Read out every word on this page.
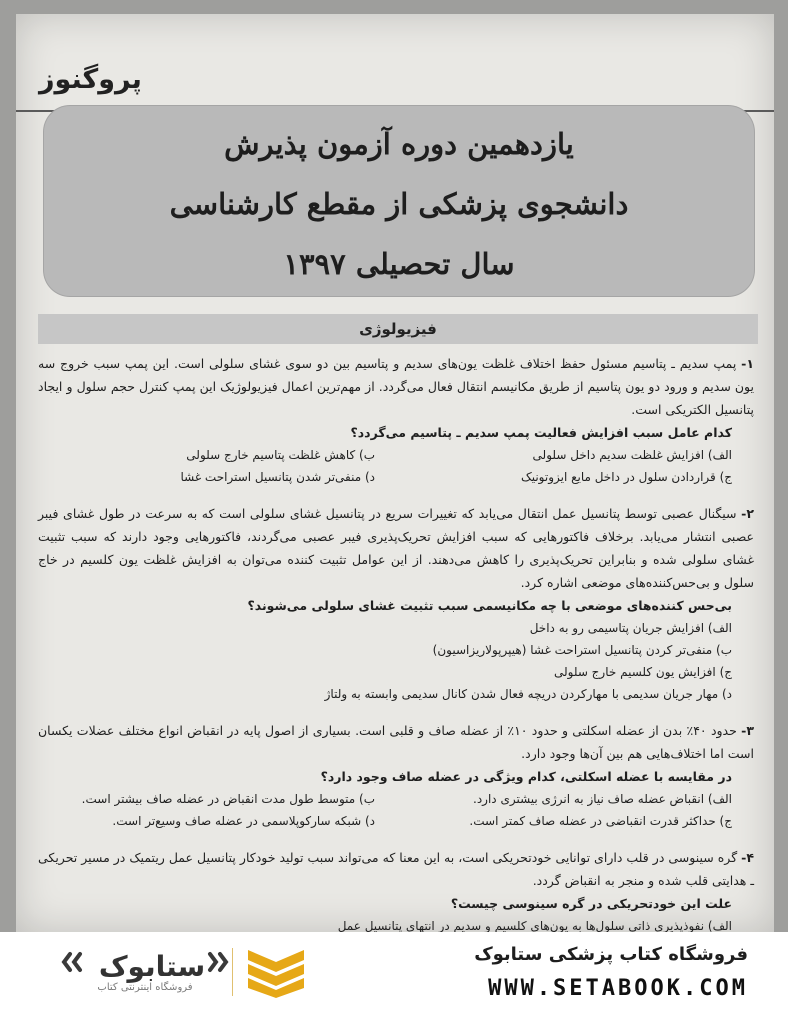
پروگنوز
یازدهمین دوره آزمون پذیرش
دانشجوی پزشکی از مقطع کارشناسی
سال تحصیلی ۱۳۹۷
فیزیولوژی

۱- پمپ سدیم ـ پتاسیم مسئول حفظ اختلاف غلظت یون‌های سدیم و پتاسیم بین دو سوی غشای سلولی است. این پمپ سبب خروج سه یون سدیم و ورود دو یون پتاسیم از طریق مکانیسم انتقال فعال می‌گردد. از مهم‌ترین اعمال فیزیولوژیک این پمپ کنترل حجم سلول و ایجاد پتانسیل الکتریکی است.

کدام عامل سبب افزایش فعالیت پمپ سدیم ـ پتاسیم می‌گردد؟

الف) افزایش غلظت سدیم داخل سلولی
ب) کاهش غلظت پتاسیم خارج سلولی
ج) قراردادن سلول در داخل مایع ایزوتونیک
د) منفی‌تر شدن پتانسیل استراحت غشا

۲- سیگنال عصبی توسط پتانسیل عمل انتقال می‌یابد که تغییرات سریع در پتانسیل غشای سلولی است که به سرعت در طول غشای فیبر عصبی انتشار می‌یابد. برخلاف فاکتورهایی که سبب افزایش تحریک‌پذیری فیبر عصبی می‌گردند، فاکتورهایی وجود دارند که سبب تثبیت غشای سلولی شده و بنابراین تحریک‌پذیری را کاهش می‌دهند. از این عوامل تثبیت کننده می‌توان به افزایش غلظت یون کلسیم در خاج سلول و بی‌حس‌کننده‌های موضعی اشاره کرد.

بی‌حس کننده‌های موضعی با چه مکانیسمی سبب تثبیت غشای سلولی می‌شوند؟

الف) افزایش جریان پتاسیمی رو به داخل
ب) منفی‌تر کردن پتانسیل استراحت غشا (هیپرپولاریزاسیون)
ج) افزایش یون کلسیم خارج سلولی
د) مهار جریان سدیمی با مهارکردن دریچه فعال شدن کانال سدیمی وابسته به ولتاژ

۳- حدود ۴۰٪ بدن از عضله اسکلتی و حدود ۱۰٪ از عضله صاف و قلبی است. بسیاری از اصول پایه در انقباض انواع مختلف عضلات یکسان است اما اختلاف‌هایی هم بین آن‌ها وجود دارد.

در مقایسه با عضله اسکلتی، کدام ویژگی در عضله صاف وجود دارد؟

الف) انقباض عضله صاف نیاز به انرژی بیشتری دارد.
ب) متوسط طول مدت انقباض در عضله صاف بیشتر است.
ج) حداکثر قدرت انقباضی در عضله صاف کمتر است.
د) شبکه سارکوپلاسمی در عضله صاف وسیع‌تر است.

۴- گره سینوسی در قلب دارای توانایی خودتحریکی است، به این معنا که می‌تواند سبب تولید خودکار پتانسیل عمل ریتمیک در مسیر تحریکی ـ هدایتی قلب شده و منجر به انقباض گردد.

علت این خودتحریکی در گره سینوسی چیست؟

الف) نفوذپذیری ذاتی سلول‌ها به یون‌های کلسیم و سدیم در انتهای پتانسیل عمل
ستابوک
فروشگاه اینترنتی کتاب
فروشگاه کتاب پزشکی ستابوک
WWW.SETABOOK.COM
